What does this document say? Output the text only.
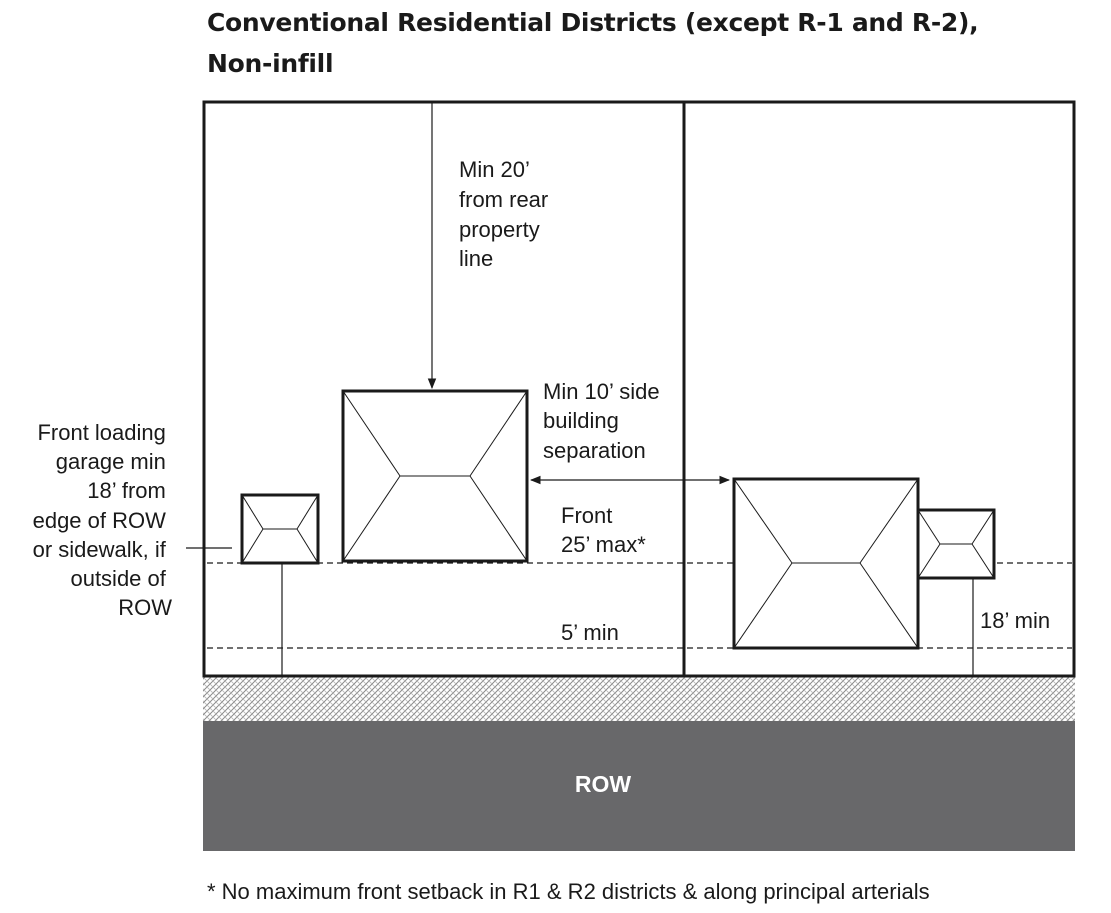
Conventional Residential Districts (except R-1 and R-2),
Non-infill
ROW
Min 20’ from rear property line
Min 10’ side building separation
Front 25’ max*
5’ min	18’ min
Front loading garage min 18’ from edge of ROW or sidewalk, if outside of ROW
* No maximum front setback in R1 & R2 districts & along principal arterials
